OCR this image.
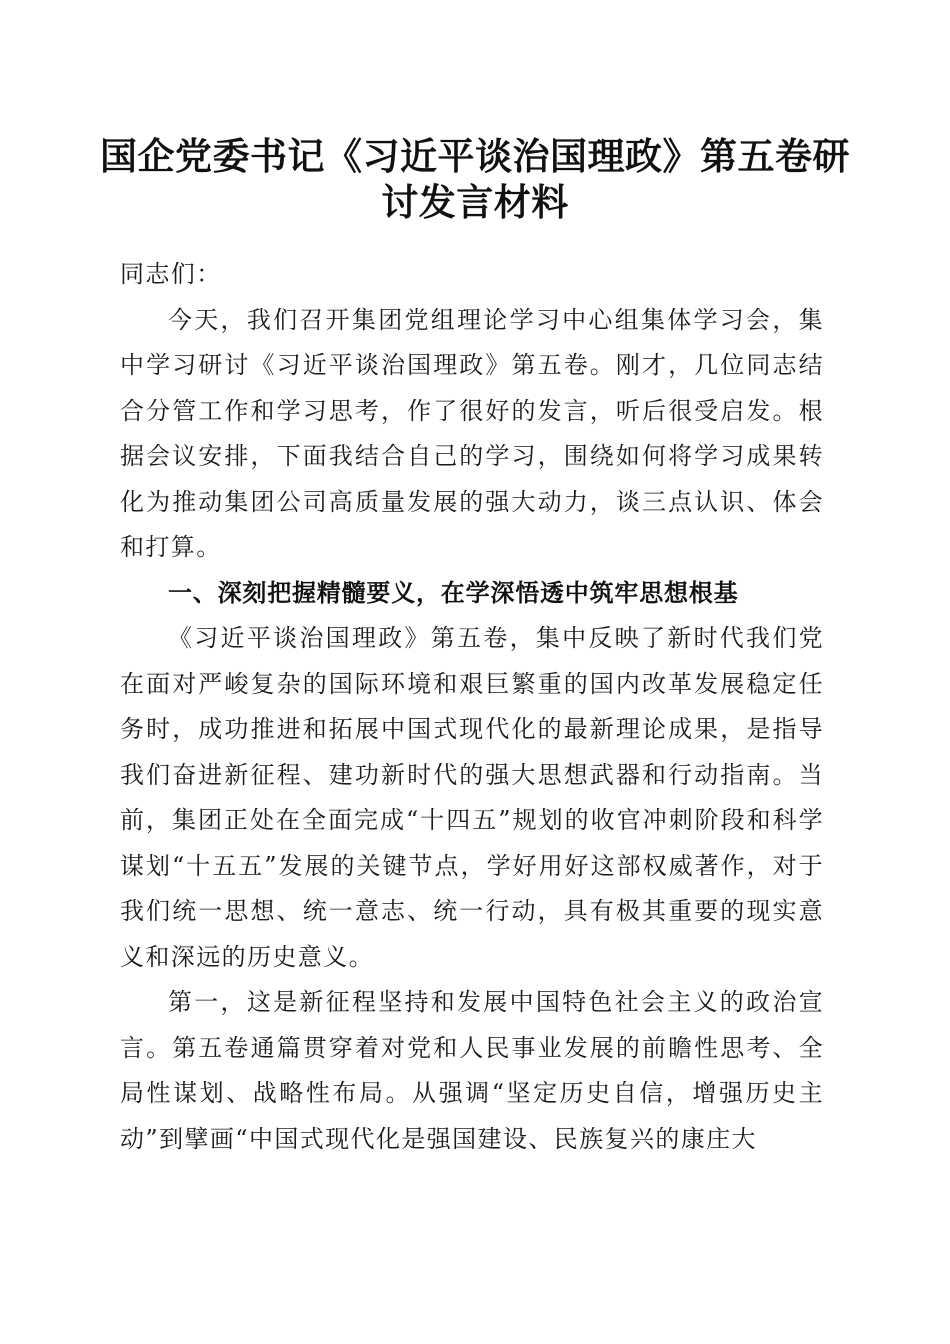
国企党委书记《习近平谈治国理政》第五卷研讨发言材料

同志们：

今天，我们召开集团党组理论学习中心组集体学习会，集中学习研讨《习近平谈治国理政》第五卷。刚才，几位同志结合分管工作和学习思考，作了很好的发言，听后很受启发。根据会议安排，下面我结合自己的学习，围绕如何将学习成果转化为推动集团公司高质量发展的强大动力，谈三点认识、体会和打算。

一、深刻把握精髓要义，在学深悟透中筑牢思想根基

《习近平谈治国理政》第五卷，集中反映了新时代我们党在面对严峻复杂的国际环境和艰巨繁重的国内改革发展稳定任务时，成功推进和拓展中国式现代化的最新理论成果，是指导我们奋进新征程、建功新时代的强大思想武器和行动指南。当前，集团正处在全面完成“十四五”规划的收官冲刺阶段和科学谋划“十五五”发展的关键节点，学好用好这部权威著作，对于我们统一思想、统一意志、统一行动，具有极其重要的现实意义和深远的历史意义。

第一，这是新征程坚持和发展中国特色社会主义的政治宣言。第五卷通篇贯穿着对党和人民事业发展的前瞻性思考、全局性谋划、战略性布局。从强调“坚定历史自信，增强历史主动”到擘画“中国式现代化是强国建设、民族复兴的康庄大
